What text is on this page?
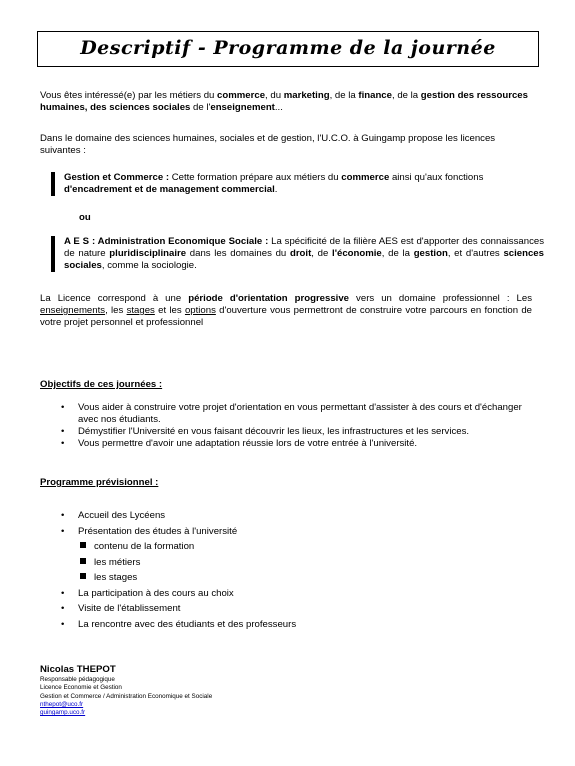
Descriptif - Programme de la journée
Vous êtes intéressé(e) par les métiers du commerce, du marketing, de la finance, de la gestion des ressources humaines, des sciences sociales de l'enseignement...
Dans le domaine des sciences humaines, sociales et de gestion, l'U.C.O. à Guingamp propose les licences suivantes :
Gestion et Commerce : Cette formation prépare aux métiers du commerce ainsi qu'aux fonctions d'encadrement et de management commercial.
ou
A E S : Administration Economique Sociale : La spécificité de la filière AES est d'apporter des connaissances de nature pluridisciplinaire dans les domaines du droit, de l'économie, de la gestion, et d'autres sciences sociales, comme la sociologie.
La Licence correspond à une période d'orientation progressive vers un domaine professionnel : Les enseignements, les stages et les options d'ouverture vous permettront de construire votre parcours en fonction de votre projet personnel et professionnel
Objectifs de ces journées :
• Vous aider à construire votre projet d'orientation en vous permettant d'assister à des cours et d'échanger avec nos étudiants.
• Démystifier l'Université en vous faisant découvrir les lieux, les infrastructures et les services.
• Vous permettre d'avoir une adaptation réussie lors de votre entrée à l'université.
Programme prévisionnel :
• Accueil des Lycéens
• Présentation des études à l'université
contenu de la formation
les métiers
les stages
• La participation à des cours au choix
• Visite de l'établissement
• La rencontre avec des étudiants et des professeurs
Nicolas THEPOT
Responsable pédagogique
Licence Economie et Gestion
Gestion et Commerce / Administration Economique et Sociale
nthepot@uco.fr
guingamp.uco.fr
